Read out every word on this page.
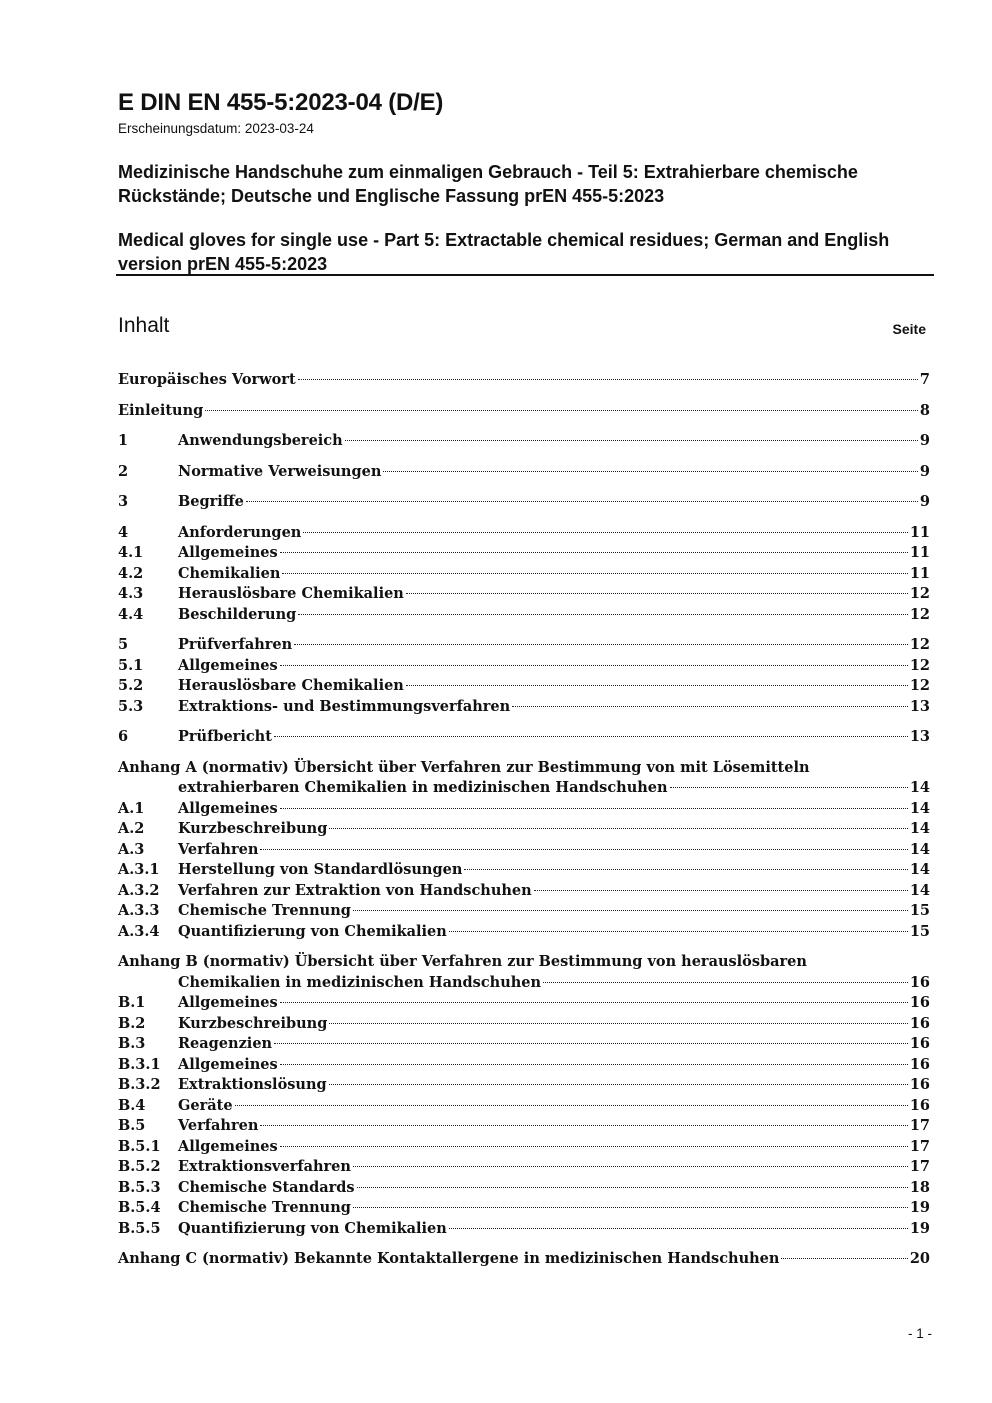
E DIN EN 455-5:2023-04 (D/E)
Erscheinungsdatum: 2023-03-24
Medizinische Handschuhe zum einmaligen Gebrauch - Teil 5: Extrahierbare chemische Rückstände; Deutsche und Englische Fassung prEN 455-5:2023
Medical gloves for single use - Part 5: Extractable chemical residues; German and English version prEN 455-5:2023
Inhalt	Seite
Europäisches Vorwort	7
Einleitung	8
1	Anwendungsbereich	9
2	Normative Verweisungen	9
3	Begriffe	9
4	Anforderungen	11
4.1	Allgemeines	11
4.2	Chemikalien	11
4.3	Herauslösbare Chemikalien	12
4.4	Beschilderung	12
5	Prüfverfahren	12
5.1	Allgemeines	12
5.2	Herauslösbare Chemikalien	12
5.3	Extraktions- und Bestimmungsverfahren	13
6	Prüfbericht	13
Anhang A (normativ) Übersicht über Verfahren zur Bestimmung von mit Lösemitteln
extrahierbaren Chemikalien in medizinischen Handschuhen	14
A.1	Allgemeines	14
A.2	Kurzbeschreibung	14
A.3	Verfahren	14
A.3.1	Herstellung von Standardlösungen	14
A.3.2	Verfahren zur Extraktion von Handschuhen	14
A.3.3	Chemische Trennung	15
A.3.4	Quantifizierung von Chemikalien	15
Anhang B (normativ) Übersicht über Verfahren zur Bestimmung von herauslösbaren
Chemikalien in medizinischen Handschuhen	16
B.1	Allgemeines	16
B.2	Kurzbeschreibung	16
B.3	Reagenzien	16
B.3.1	Allgemeines	16
B.3.2	Extraktionslösung	16
B.4	Geräte	16
B.5	Verfahren	17
B.5.1	Allgemeines	17
B.5.2	Extraktionsverfahren	17
B.5.3	Chemische Standards	18
B.5.4	Chemische Trennung	19
B.5.5	Quantifizierung von Chemikalien	19
Anhang C (normativ) Bekannte Kontaktallergene in medizinischen Handschuhen	20
- 1 -
